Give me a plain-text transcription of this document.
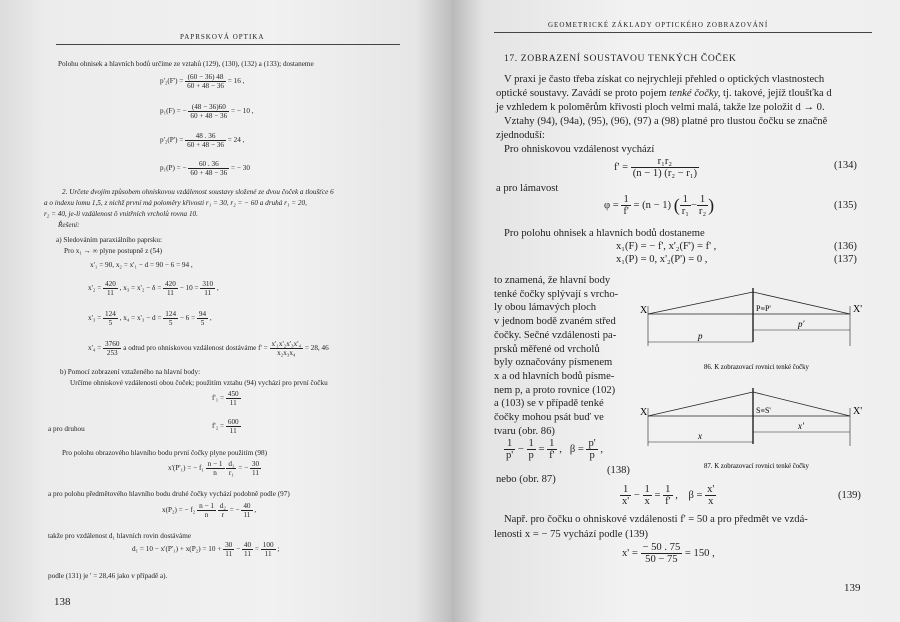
PAPRSKOVÁ OPTIKA
Polohu ohnisek a hlavních bodů určíme ze vztahů (129), (130), (132) a (133); dostaneme
$p'_2(F') = \frac{(60 - 36) 48}{60 + 48 - 36} = 16$ ,
p₁(F) = − $\frac{(48 - 36)60}{60 + 48 - 36}$ = − 10 ,
$p'_2(P') = \frac{48 . 36}{60 + 48 - 36} = 24$ ,
p₁(P) = − $\frac{60 . 36}{60 + 48 - 36}$ = − 30
2. Určete dvojím způsobem ohniskovou vzdálenost soustavy složené ze dvou čoček a tloušťce 6
a o indexu lomu 1,5, z nichž první má poloměry křivosti r₁ = 30, r₂ = − 60 a druhá r₁ = 20,
r₂ = 40, je-li vzdálenost ô vnitřních vrcholů rovna 10.
Řešení:
a) Sledováním paraxiálního paprsku:
Pro x₁ → ∞ plyne postupně z (54)
x'₁ = 90, x₂ = x'₁ − d = 90 − 6 = 94 ,
$x'_2 = \frac{420}{11}$ , $x_3 = x'_2 - \delta = \frac{420}{11} - 10 = \frac{310}{11}$ ,
$x'_3 = \frac{124}{5}$ , $x_4 = x'_3 - d = \frac{124}{5} - 6 = \frac{94}{5}$ ,
$x'_4 = \frac{3760}{253}$ a odtud pro ohniskovou vzdálenost dostáváme $f' = \frac{\text{x'₁x'₂x'₃x'₄}}{\text{x₂x₃x₄}} = 28$, 46
b) Pomocí zobrazení vztaženého na hlavní body:
Určíme ohniskové vzdálenosti obou čoček; použitím vztahu (94) vychází pro první čočku
$f'_1 = \frac{450}{11}$
a pro druhou	$f'_2 = \frac{600}{11}$
Pro polohu obrazového hlavního bodu první čočky plyne použitím (98)
x'(P'₁) = − $f_1 \frac{n - 1}{n}$
$\frac{\text{d₁}}{\text{r₁}}$ = − $\frac{30}{11}$
a pro polohu předmětového hlavního bodu druhé čočky vychází podobně podle (97)
x(P₂) = − $f_2 \frac{n - 1}{n}$
$\frac{\text{d₂}}{r}$ = − $\frac{40}{11}$ ,
takže pro vzdálenost d₁ hlavních rovin dostáváme
$d_1 = 10 - x'(P'_1) + x(P_2) = 10 + \frac{30}{11} - \frac{40}{11} = \frac{100}{11}$ ;
podle (131) je ' = 28,46 jako v případě a).
138
GEOMETRICKÉ ZÁKLADY OPTICKÉHO ZOBRAZOVÁNÍ
17. ZOBRAZENÍ SOUSTAVOU TENKÝCH ČOČEK
V praxi je často třeba získat co nejrychleji přehled o optických vlastnostech
optické soustavy. Zavádí se proto pojem tenké čočky, tj. takové, jejíž tloušťka d
je vzhledem k poloměrům křivosti ploch velmi malá, takže lze položit d → 0.
Vztahy (94), (94a), (95), (96), (97) a (98) platné pro tlustou čočku se značně
zjednoduší:
Pro ohniskovou vzdálenost vychází
$f' = \frac{\text{r₁r₂}}{\text{(n − 1) (r₂ − r₁)}}$	(134)
a pro lámavost
$\varphi = \frac{1}{f'} = (n - 1)$ ( $\frac{1}{\text{r₁}} - \frac{1}{\text{r₂}}$ )	(135)
Pro polohu ohnisek a hlavních bodů dostaneme
x₁(F) = − f', x'₂(F') = f' ,	(136)
x₁(P) = 0, x'₂(P') = 0 ,	(137)
to znamená, že hlavní body
tenké čočky splývají s vrcho-
ly obou lámavých ploch
v jednom bodě zvaném střed
čočky. Sečné vzdálenosti pa-
prsků měřené od vrcholů
byly označovány písmenem
x a od hlavních bodů písme-
nem p, a proto rovnice (102)
a (103) se v případě tenké
čočky mohou psát buď ve
tvaru (obr. 86)
X	X'
P≡P'
p
p'
86. K zobrazovací rovnici tenké čočky
X	X'
S≡S'
x
x'
87. K zobrazovací rovnici tenké čočky
$\frac{1}{p'} - \frac{1}{p} = \frac{1}{f'}$ ,   $\beta = \frac{p'}{p}$ ,
(138)
nebo (obr. 87)
$\frac{1}{x'} - \frac{1}{x} = \frac{1}{f'}$ ,    $\beta = \frac{x'}{x}$	(139)
Např. pro čočku o ohniskové vzdálenosti f' = 50 a pro předmět ve vzdá-
lenosti x = − 75 vychází podle (139)
$x' = \frac{- 50 . 75}{50 - 75} = 150$ ,
139
